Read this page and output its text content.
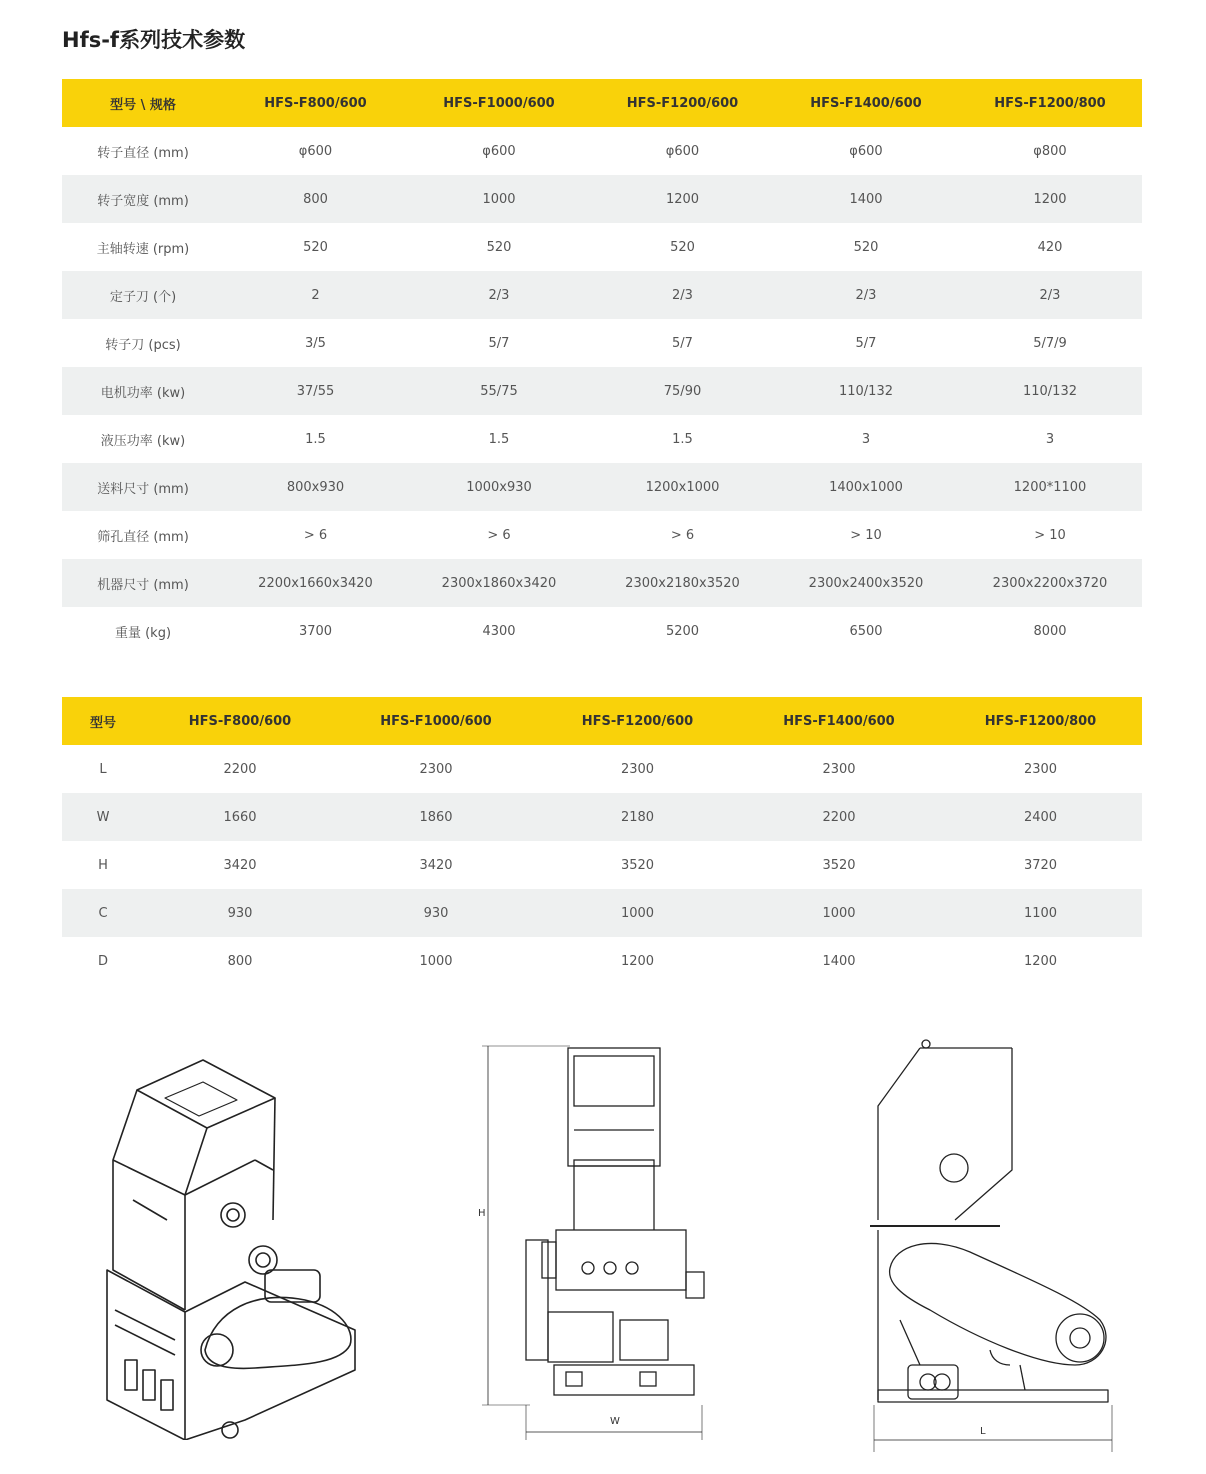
Hfs-f系列技术参数
型号 \ 规格	HFS-F800/600	HFS-F1000/600	HFS-F1200/600	HFS-F1400/600	HFS-F1200/800
转子直径 (mm)	φ600	φ600	φ600	φ600	φ800
转子宽度 (mm)	800	1000	1200	1400	1200
主轴转速 (rpm)	520	520	520	520	420
定子刀 (个)	2	2/3	2/3	2/3	2/3
转子刀 (pcs)	3/5	5/7	5/7	5/7	5/7/9
电机功率 (kw)	37/55	55/75	75/90	110/132	110/132
液压功率 (kw)	1.5	1.5	1.5	3	3
送料尺寸 (mm)	800x930	1000x930	1200x1000	1400x1000	1200*1100
筛孔直径 (mm)	> 6	> 6	> 6	> 10	> 10
机器尺寸 (mm)	2200x1660x3420	2300x1860x3420	2300x2180x3520	2300x2400x3520	2300x2200x3720
重量 (kg)	3700	4300	5200	6500	8000
型号	HFS-F800/600	HFS-F1000/600	HFS-F1200/600	HFS-F1400/600	HFS-F1200/800
L	2200	2300	2300	2300	2300
W	1660	1860	2180	2200	2400
H	3420	3420	3520	3520	3720
C	930	930	1000	1000	1100
D	800	1000	1200	1400	1200
H
W
L
